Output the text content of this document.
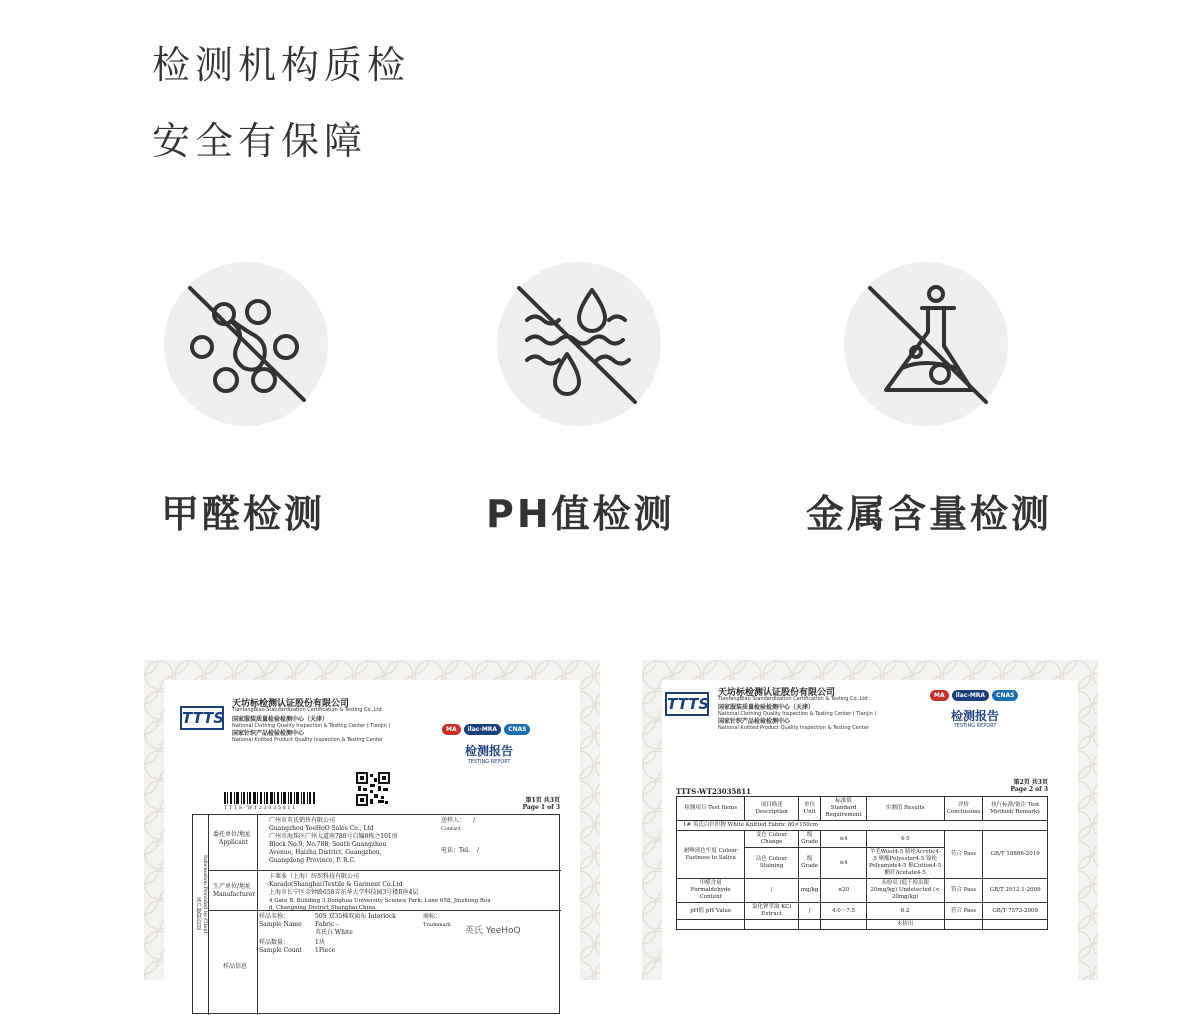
检测机构质检
安全有保障
甲醛检测	PH值检测	金属含量检测
TTTS
天坊标检测认证股份有限公司
TianfangBiao Standardization Certification & Testing Co.,Ltd
国家服装质量检验检测中心（天津）
National Clothing Quality Inspection & Testing Center ( Tianjin )
国家针织产品检验检测中心
National Knitted Product Quality Inspection & Testing Center
MA ilac-MRA CNAS
检测报告
TESTING REPORT
T T T S - W T 2 3 0 3 5 8 1 1
第1页 共3页
Page 1 of 3
客户提供信息 Information Provided by Client
委托单位/地址
Applicant
广州市英氏销售有限公司
Guangzhou YeeHoO Sales Co., Ltd
广州市海珠区广州大道南788号自编8栋之101房
Block No.9, No.788, South Guangzhou
Avenue, Haizhu District, Guangzhou,
Guangdong Province, P. R.C.
送样人： /
Contact
电话：Tel. /
生产单位/地址
Manufacturer
卡莱多（上海）纺织科技有限公司
Karado(Shanghai)Textile & Garment Co.Ltd
上海市长宁区金钟路658弄东华大学科技园3号楼B座4层
4 Gate B, Building 3,Donghua University Science Park; Lane 658, Jinzhong Roa
d, Changning District,Shanghai,China.
样品信息
样品名称：
Sample Name
50S 双35棉双面布 Interlock
Fabric -
英氏白 White
商标：
Trademark
英氏 YeeHoO
样品数量：
Sample Count
1块
1Piece
TTTS
天坊标检测认证股份有限公司
TianfangBiao Standardization Certification & Testing Co.,Ltd
国家服装质量检验检测中心（天津）
National Clothing Quality Inspection & Testing Center ( Tianjin )
国家针织产品检验检测中心
National Knitted Product Quality Inspection & Testing Center
MA ilac-MRA CNAS
检测报告
TESTING REPORT
TTTS-WT23035811
第2页 共3页
Page 2 of 3
检测项目 Test Items	项目描述 Description	单位 Unit	标准值 Standard Requirement	实测值 Results	评价 Conclusions	执行标准/备注 Test Method/ Remarks
1# 英氏白针织物 White Knitted Fabric 80×150cm						
耐唾液色牢度 Colour Fastness to Saliva	变色 Colour Change	级 Grade	≥4	4-5	符合 Pass	GB/T 18886-2019
	沾色 Colour Staining	级 Grade	≥4	羊毛Wool4-5 腈纶Acrylic4-5 聚酯Polyester4-5 锦纶Polyamide4-5 棉Cotton4-5 醋纤Acetate4-5		
甲醛含量 Formaldehyde Content	/	mg/kg	≤20	未检出 (低于检出限20mg/kg) Undetected (< 20mg/kg)	符合 Pass	GB/T 2912.1-2009
pH值 pH Value	氯化钾萃取 KCl Extract	/	4.0～7.5	6.2	符合 Pass	GB/T 7573-2009
				未检出		
